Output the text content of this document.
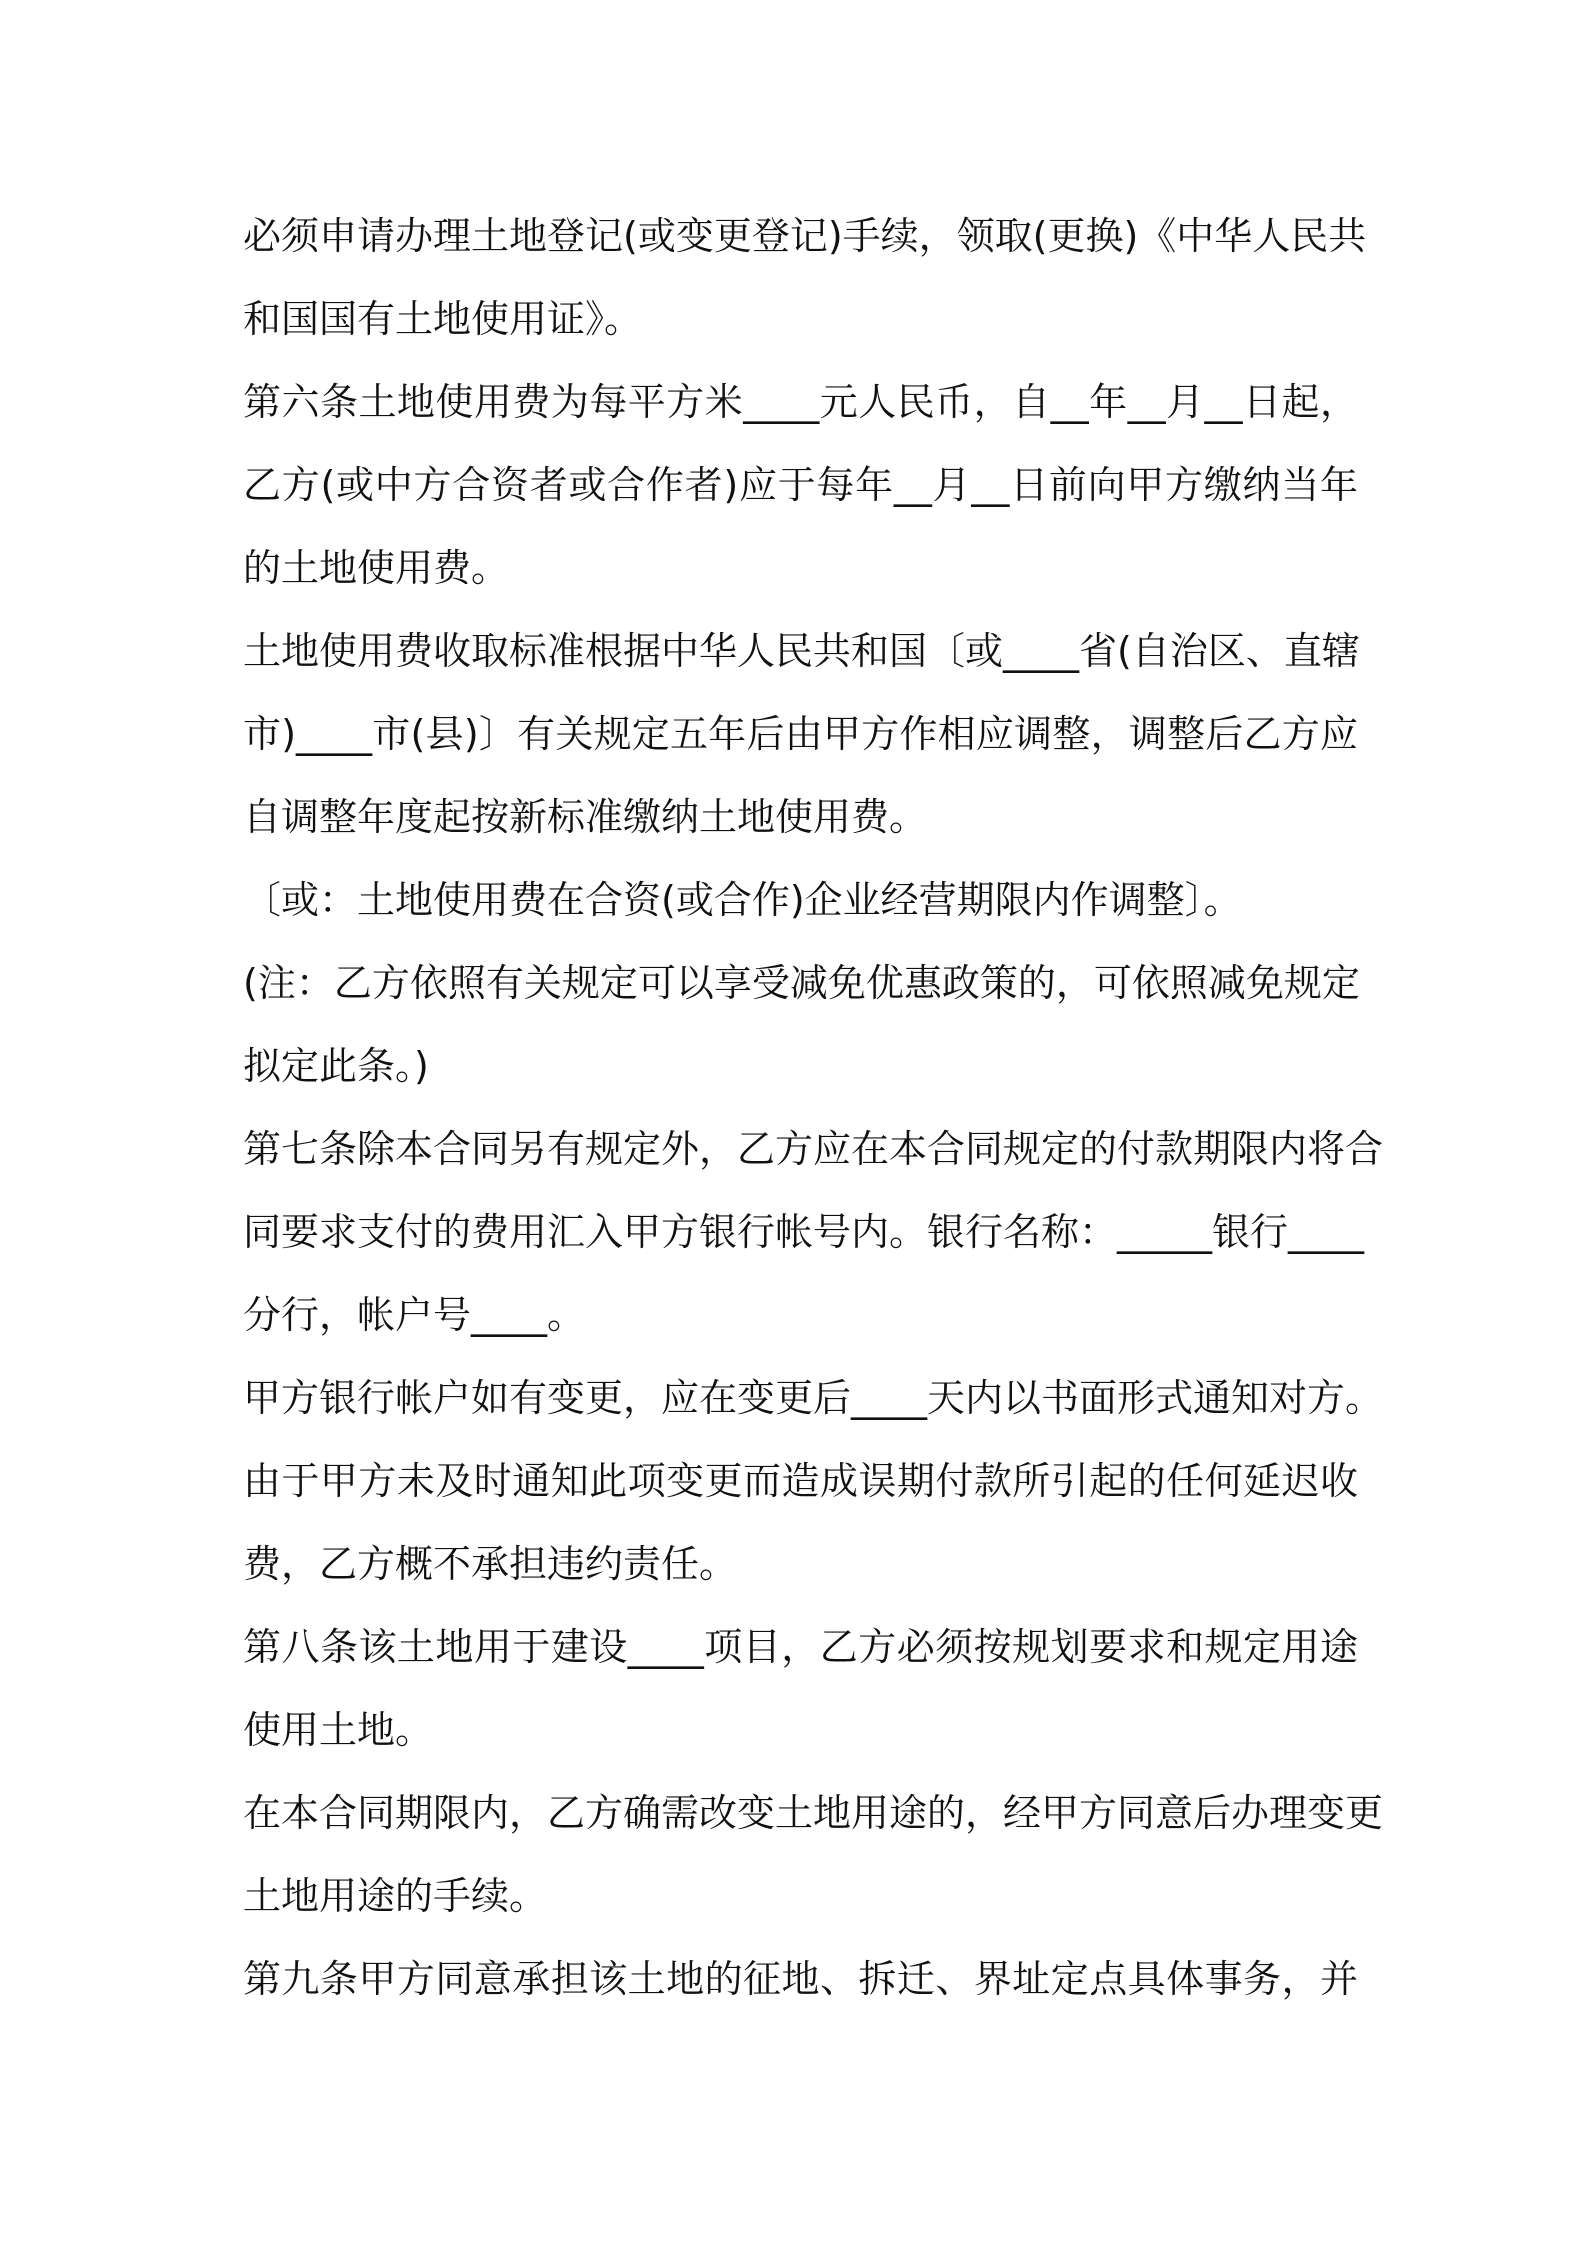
必须申请办理土地登记(或变更登记)手续，领取(更换)《中华人民共
和国国有土地使用证》。
第六条土地使用费为每平方米____元人民币，自__年__月__日起，
乙方(或中方合资者或合作者)应于每年__月__日前向甲方缴纳当年
的土地使用费。
土地使用费收取标准根据中华人民共和国〔或____省(自治区、直辖
市)____市(县)〕有关规定五年后由甲方作相应调整，调整后乙方应
自调整年度起按新标准缴纳土地使用费。
〔或：土地使用费在合资(或合作)企业经营期限内作调整〕。
(注：乙方依照有关规定可以享受减免优惠政策的，可依照减免规定
拟定此条。)
第七条除本合同另有规定外，乙方应在本合同规定的付款期限内将合
同要求支付的费用汇入甲方银行帐号内。银行名称：_____银行____
分行，帐户号____。
甲方银行帐户如有变更，应在变更后____天内以书面形式通知对方。
由于甲方未及时通知此项变更而造成误期付款所引起的任何延迟收
费，乙方概不承担违约责任。
第八条该土地用于建设____项目，乙方必须按规划要求和规定用途
使用土地。
在本合同期限内，乙方确需改变土地用途的，经甲方同意后办理变更
土地用途的手续。
第九条甲方同意承担该土地的征地、拆迁、界址定点具体事务，并
